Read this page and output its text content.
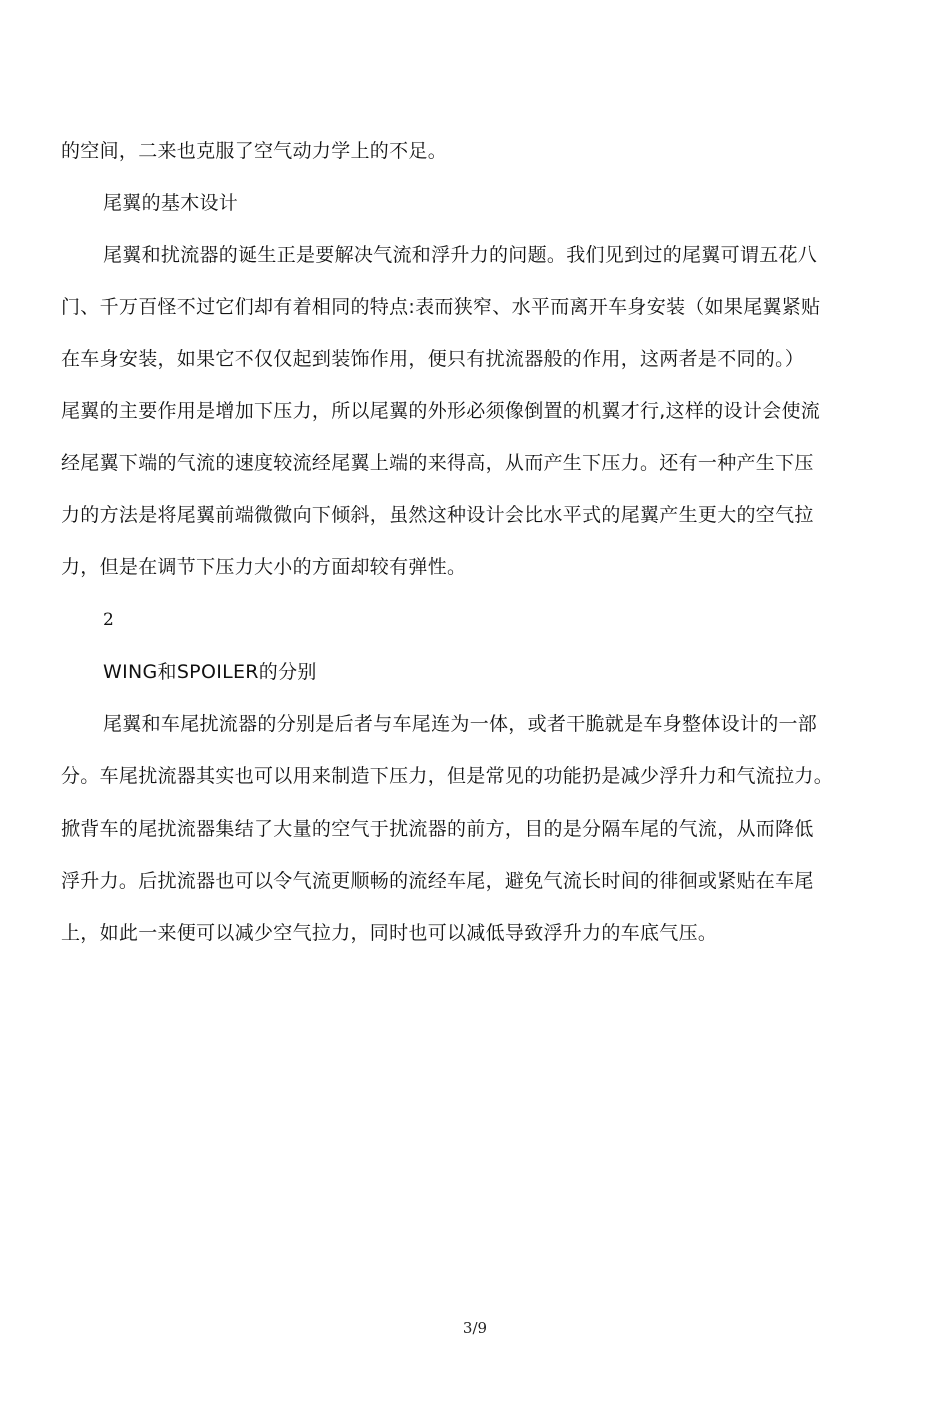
的空间，二来也克服了空气动力学上的不足。
尾翼的基木设计
尾翼和扰流器的诞生正是要解决气流和浮升力的问题。我们见到过的尾翼可谓五花八
门、千万百怪不过它们却有着相同的特点:表而狭窄、水平而离开车身安装（如果尾翼紧贴
在车身安装，如果它不仅仅起到装饰作用，便只有扰流器般的作用，这两者是不同的。）
尾翼的主要作用是增加下压力，所以尾翼的外形必须像倒置的机翼才行,这样的设计会使流
经尾翼下端的气流的速度较流经尾翼上端的来得高，从而产生下压力。还有一种产生下压
力的方法是将尾翼前端微微向下倾斜，虽然这种设计会比水平式的尾翼产生更大的空气拉
力，但是在调节下压力大小的方面却较有弹性。
2
WING和SPOILER的分别
尾翼和车尾扰流器的分别是后者与车尾连为一体，或者干脆就是车身整体设计的一部
分。车尾扰流器其实也可以用来制造下压力，但是常见的功能扔是减少浮升力和气流拉力。
掀背车的尾扰流器集结了大量的空气于扰流器的前方，目的是分隔车尾的气流，从而降低
浮升力。后扰流器也可以令气流更顺畅的流经车尾，避免气流长时间的徘徊或紧贴在车尾
上，如此一来便可以减少空气拉力，同时也可以减低导致浮升力的车底气压。
3/9
